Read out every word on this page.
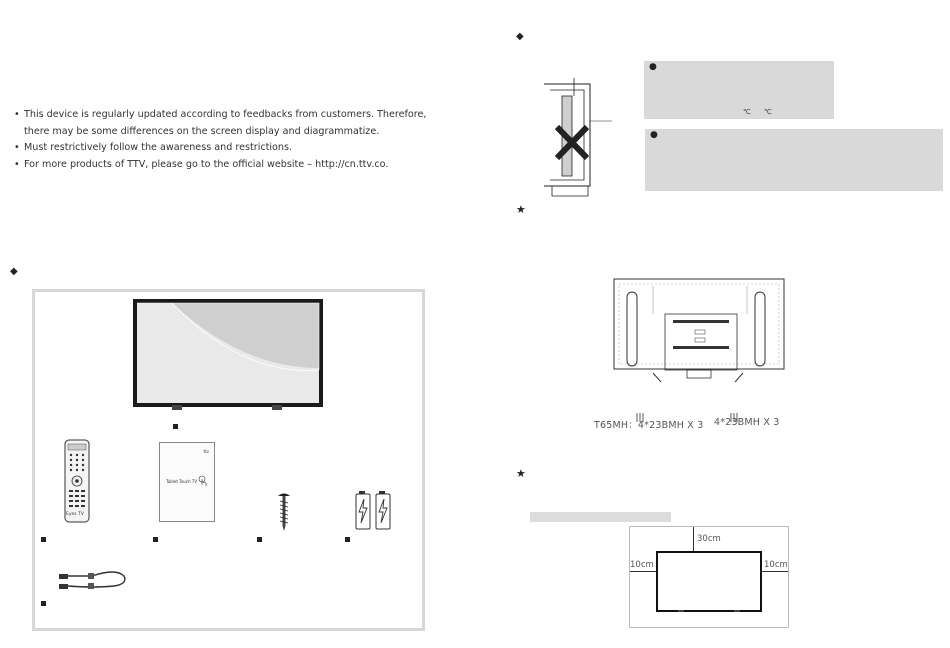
• This device is regularly updated according to feedbacks from customers. Therefore,
there may be some differences on the screen display and diagrammatize.
• Must restrictively follow the awareness and restrictions.
• For more products of TTV, please go to the official website – http://cn.ttv.co.
◆
Eyes TV
ttv
Tablet Touch TV
◆
●
℃ ℃
●
★
T65MH：4*23BMH X 3 4*23BMH X 3
★
30cm
10cm	10cm
